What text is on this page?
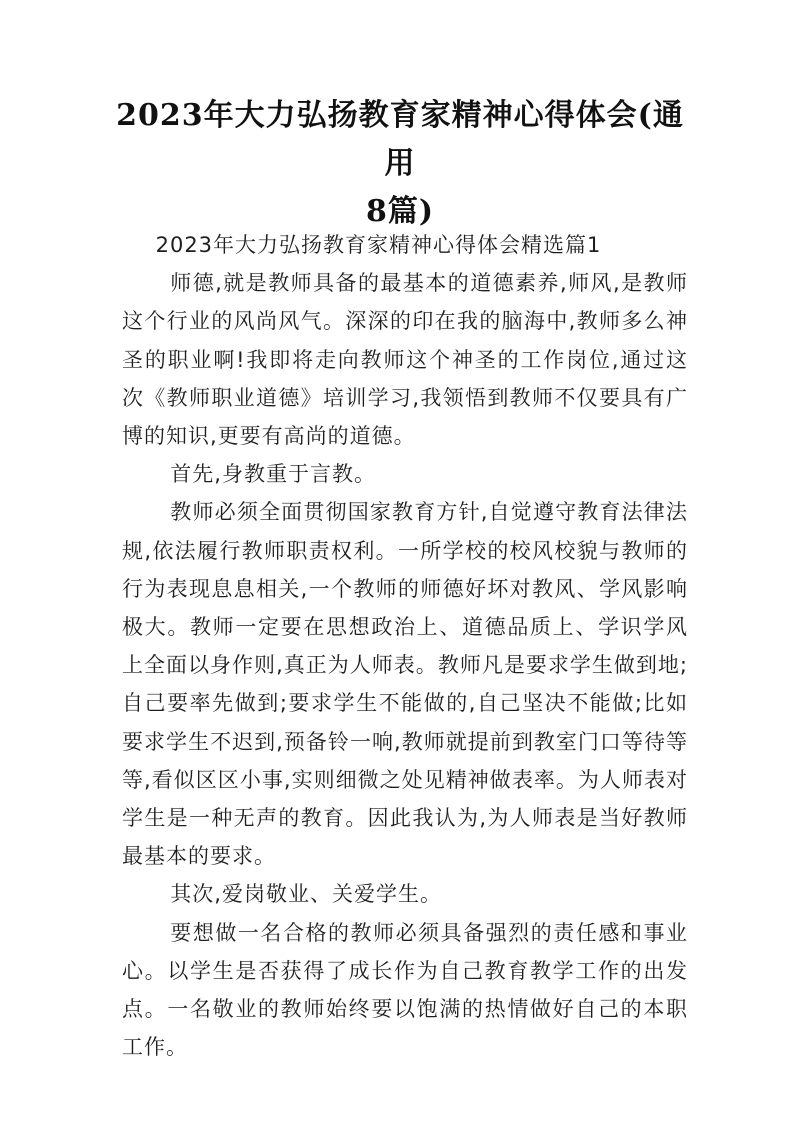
2023年大力弘扬教育家精神心得体会(通用
8篇)

2023年大力弘扬教育家精神心得体会精选篇1

师德,就是教师具备的最基本的道德素养,师风,是教师这个行业的风尚风气。深深的印在我的脑海中,教师多么神圣的职业啊!我即将走向教师这个神圣的工作岗位,通过这次《教师职业道德》培训学习,我领悟到教师不仅要具有广博的知识,更要有高尚的道德。

首先,身教重于言教。

教师必须全面贯彻国家教育方针,自觉遵守教育法律法规,依法履行教师职责权利。一所学校的校风校貌与教师的行为表现息息相关,一个教师的师德好坏对教风、学风影响极大。教师一定要在思想政治上、道德品质上、学识学风上全面以身作则,真正为人师表。教师凡是要求学生做到地;自己要率先做到;要求学生不能做的,自己坚决不能做;比如要求学生不迟到,预备铃一响,教师就提前到教室门口等待等等,看似区区小事,实则细微之处见精神做表率。为人师表对学生是一种无声的教育。因此我认为,为人师表是当好教师最基本的要求。

其次,爱岗敬业、关爱学生。

要想做一名合格的教师必须具备强烈的责任感和事业心。以学生是否获得了成长作为自己教育教学工作的出发点。一名敬业的教师始终要以饱满的热情做好自己的本职工作。
